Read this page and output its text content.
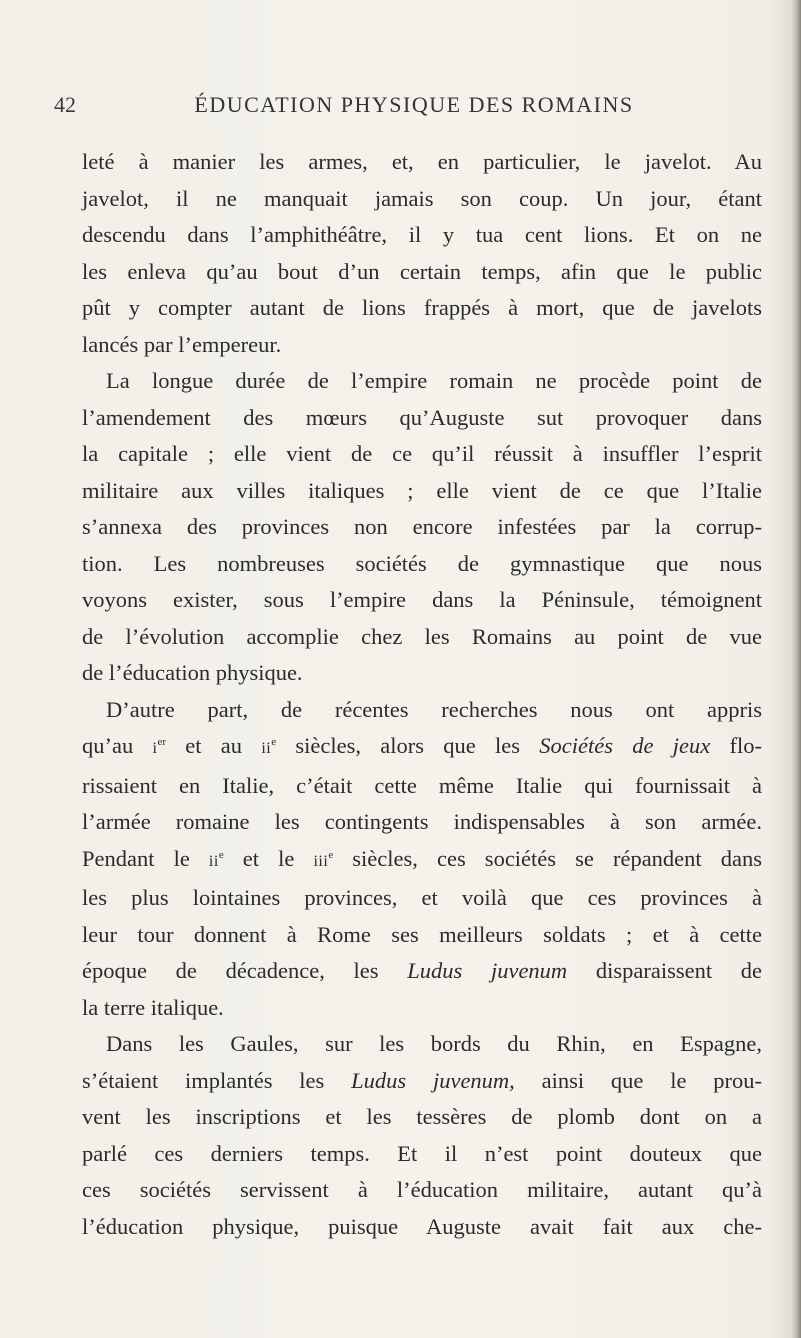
42	ÉDUCATION PHYSIQUE DES ROMAINS
leté à manier les armes, et, en particulier, le javelot. Au
javelot, il ne manquait jamais son coup. Un jour, étant
descendu dans l’amphithéâtre, il y tua cent lions. Et on ne
les enleva qu’au bout d’un certain temps, afin que le public
pût y compter autant de lions frappés à mort, que de javelots
lancés par l’empereur.
La longue durée de l’empire romain ne procède point de
l’amendement des mœurs qu’Auguste sut provoquer dans
la capitale ; elle vient de ce qu’il réussit à insuffler l’esprit
militaire aux villes italiques ; elle vient de ce que l’Italie
s’annexa des provinces non encore infestées par la corrup-
tion. Les nombreuses sociétés de gymnastique que nous
voyons exister, sous l’empire dans la Péninsule, témoignent
de l’évolution accomplie chez les Romains au point de vue
de l’éducation physique.
D’autre part, de récentes recherches nous ont appris
qu’au $i^{er}$ et au $ii^e$ siècles, alors que les Sociétés de jeux flo-
rissaient en Italie, c’était cette même Italie qui fournissait à
l’armée romaine les contingents indispensables à son armée.
Pendant le $ii^e$ et le iii$^e$ siècles, ces sociétés se répandent dans
les plus lointaines provinces, et voilà que ces provinces à
leur tour donnent à Rome ses meilleurs soldats ; et à cette
époque de décadence, les Ludus juvenum disparaissent de
la terre italique.
Dans les Gaules, sur les bords du Rhin, en Espagne,
s’étaient implantés les Ludus juvenum, ainsi que le prou-
vent les inscriptions et les tessères de plomb dont on a
parlé ces derniers temps. Et il n’est point douteux que
ces sociétés servissent à l’éducation militaire, autant qu’à
l’éducation physique, puisque Auguste avait fait aux che-
